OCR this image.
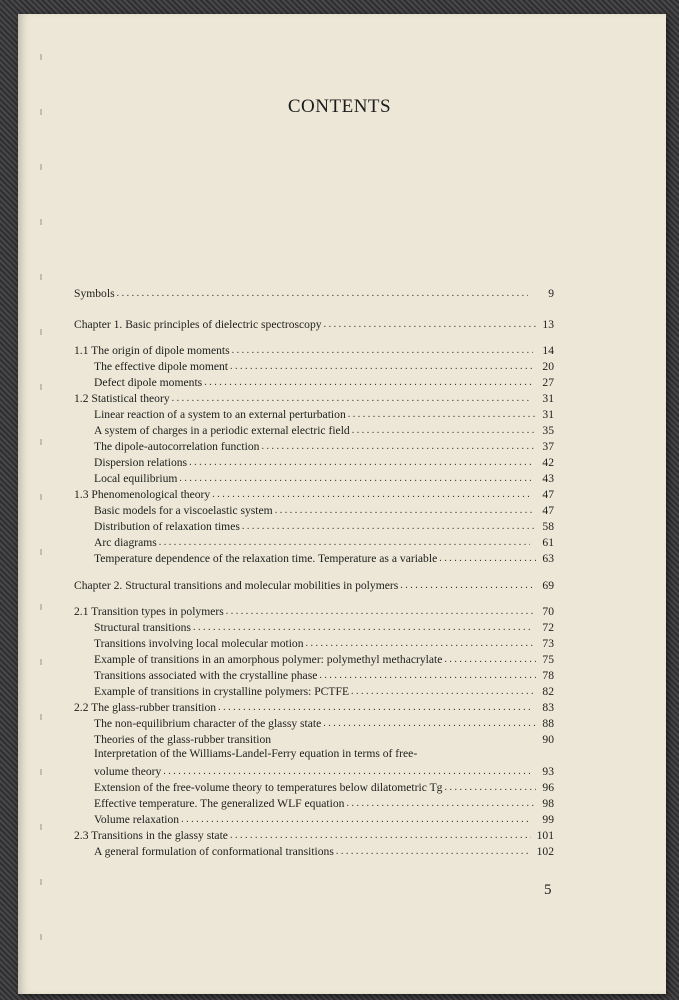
CONTENTS
Symbols . . .	9
Chapter 1. Basic principles of dielectric spectroscopy . . .	13
1.1 The origin of dipole moments . . .	14
The effective dipole moment . . .	20
Defect dipole moments . . .	27
1.2 Statistical theory . . .	31
Linear reaction of a system to an external perturbation . . .	31
A system of charges in a periodic external electric field . . .	35
The dipole-autocorrelation function . . .	37
Dispersion relations . . .	42
Local equilibrium . . .	43
1.3 Phenomenological theory . . .	47
Basic models for a viscoelastic system . . .	47
Distribution of relaxation times . . .	58
Arc diagrams . . .	61
Temperature dependence of the relaxation time. Temperature as a variable . . .	63
Chapter 2. Structural transitions and molecular mobilities in polymers . . .	69
2.1 Transition types in polymers . . .	70
Structural transitions . . .	72
Transitions involving local molecular motion . . .	73
Example of transitions in an amorphous polymer: polymethyl methacrylate . . .	75
Transitions associated with the crystalline phase . . .	78
Example of transitions in crystalline polymers: PCTFE . . .	82
2.2 The glass-rubber transition . . .	83
The non-equilibrium character of the glassy state . . .	88
Theories of the glass-rubber transition	90
Interpretation of the Williams-Landel-Ferry equation in terms of free-
volume theory . . .	93
Extension of the free-volume theory to temperatures below dilatometric Tg . . .	96
Effective temperature. The generalized WLF equation . . .	98
Volume relaxation . . .	99
2.3 Transitions in the glassy state . . .	101
A general formulation of conformational transitions . . .	102
5
